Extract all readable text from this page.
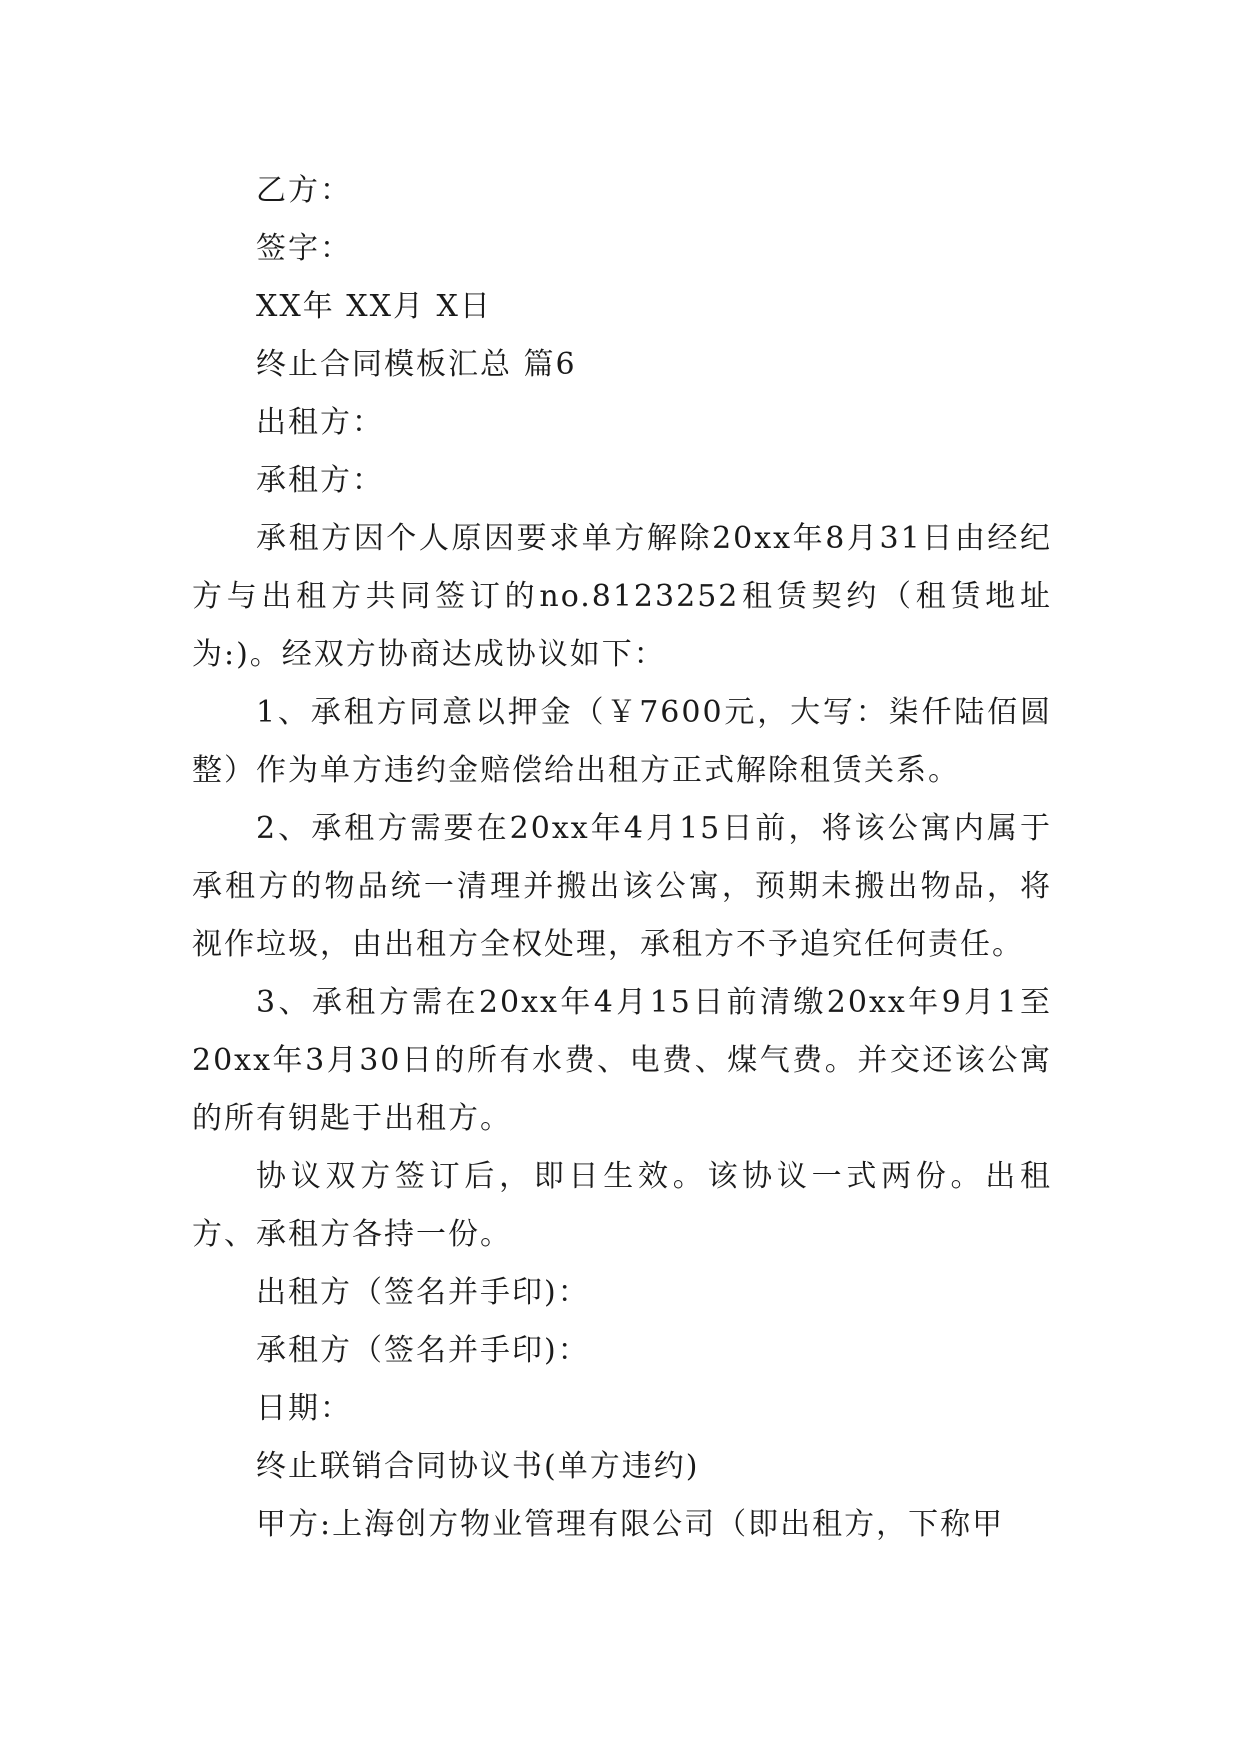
乙方：
签字：
XX年 XX月 X日
终止合同模板汇总 篇6
出租方：
承租方：
承租方因个人原因要求单方解除20xx年8月31日由经纪方与出租方共同签订的no.8123252租赁契约（租赁地址为:)。经双方协商达成协议如下：
1、承租方同意以押金（￥7600元，大写：柒仟陆佰圆整）作为单方违约金赔偿给出租方正式解除租赁关系。
2、承租方需要在20xx年4月15日前，将该公寓内属于承租方的物品统一清理并搬出该公寓，预期未搬出物品，将视作垃圾，由出租方全权处理，承租方不予追究任何责任。
3、承租方需在20xx年4月15日前清缴20xx年9月1至20xx年3月30日的所有水费、电费、煤气费。并交还该公寓的所有钥匙于出租方。
协议双方签订后，即日生效。该协议一式两份。出租方、承租方各持一份。
出租方（签名并手印)：
承租方（签名并手印)：
日期：
终止联销合同协议书(单方违约)
甲方:上海创方物业管理有限公司（即出租方，下称甲
